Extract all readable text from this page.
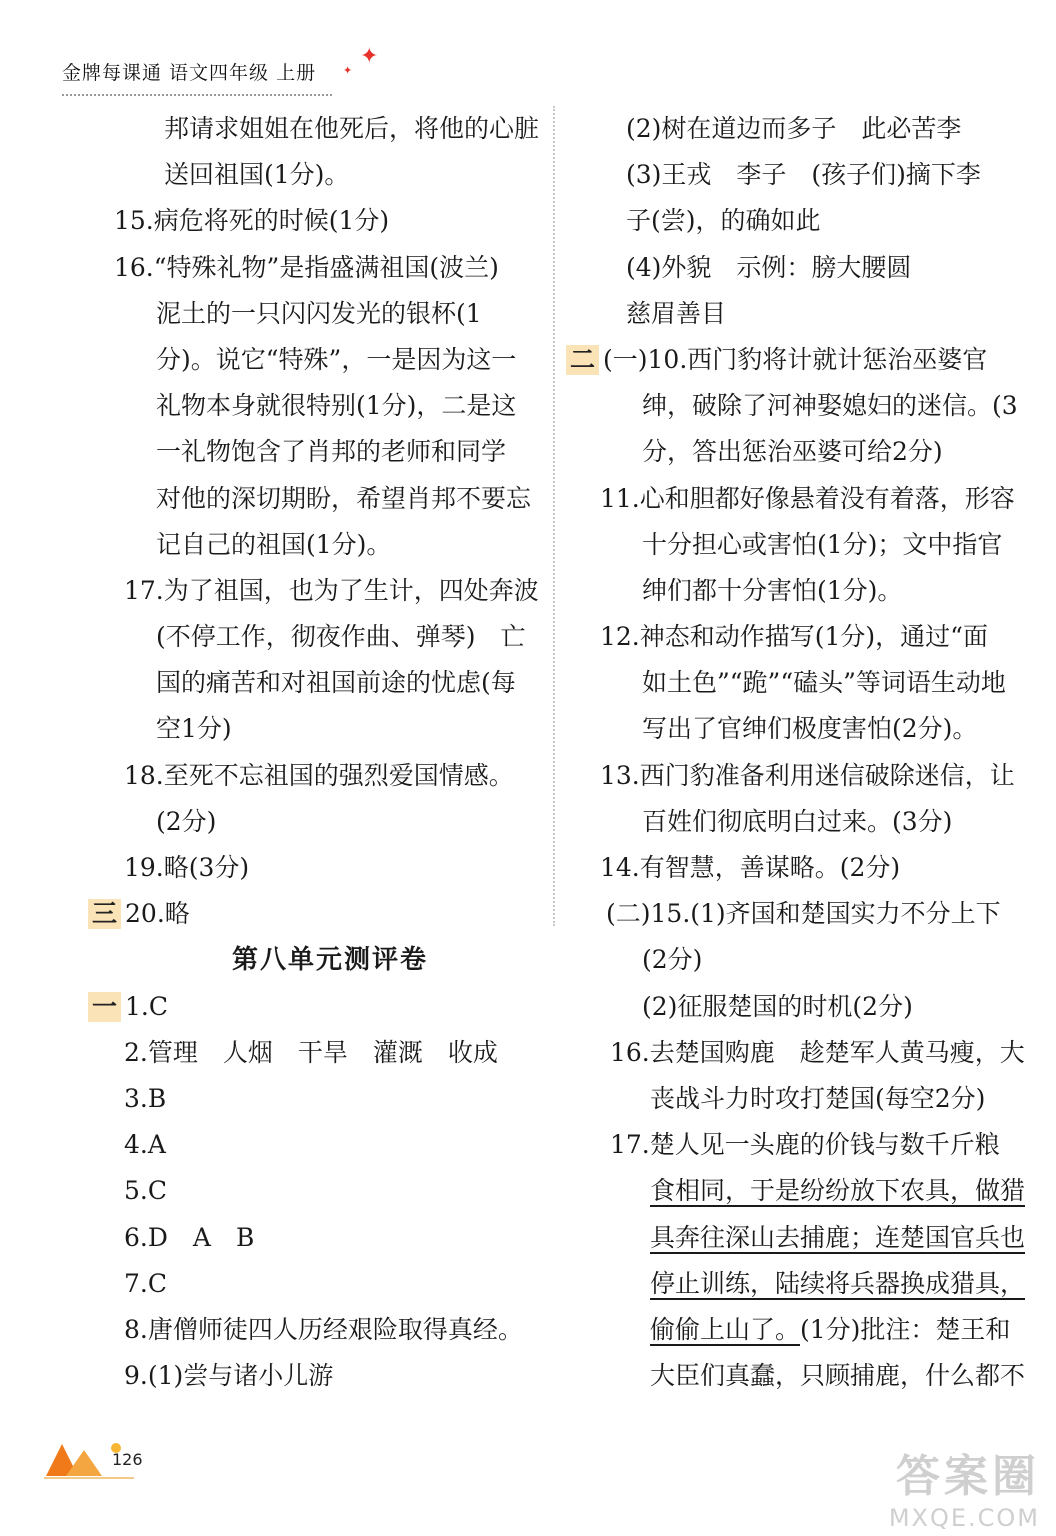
金牌每课通 语文四年级 上册
✦
✦
邦请求姐姐在他死后，将他的心脏
送回祖国(1分)。
15.病危将死的时候(1分)
16.“特殊礼物”是指盛满祖国(波兰)
泥土的一只闪闪发光的银杯(1
分)。说它“特殊”，一是因为这一
礼物本身就很特别(1分)，二是这
一礼物饱含了肖邦的老师和同学
对他的深切期盼，希望肖邦不要忘
记自己的祖国(1分)。
17.为了祖国，也为了生计，四处奔波
(不停工作，彻夜作曲、弹琴)　亡
国的痛苦和对祖国前途的忧虑(每
空1分)
18.至死不忘祖国的强烈爱国情感。
(2分)
19.略(3分)
三 20.略
第八单元测评卷
一 1.C
2.管理　人烟　干旱　灌溉　收成
3.B
4.A
5.C
6.D　A　B
7.C
8.唐僧师徒四人历经艰险取得真经。
9.(1)尝与诸小儿游
(2)树在道边而多子　此必苦李
(3)王戎　李子　(孩子们)摘下李
子(尝)，的确如此
(4)外貌　示例：膀大腰圆
慈眉善目
二 (一)10.西门豹将计就计惩治巫婆官
绅，破除了河神娶媳妇的迷信。(3
分，答出惩治巫婆可给2分)
11.心和胆都好像悬着没有着落，形容
十分担心或害怕(1分)；文中指官
绅们都十分害怕(1分)。
12.神态和动作描写(1分)，通过“面
如土色”“跪”“磕头”等词语生动地
写出了官绅们极度害怕(2分)。
13.西门豹准备利用迷信破除迷信，让
百姓们彻底明白过来。(3分)
14.有智慧，善谋略。(2分)
(二)15.(1)齐国和楚国实力不分上下
(2分)
(2)征服楚国的时机(2分)
16.去楚国购鹿　趁楚军人黄马瘦，大
丧战斗力时攻打楚国(每空2分)
17.楚人见一头鹿的价钱与数千斤粮
食相同，于是纷纷放下农具，做猎
具奔往深山去捕鹿；连楚国官兵也
停止训练，陆续将兵器换成猎具，
偷偷上山了。(1分)批注：楚王和
大臣们真蠢，只顾捕鹿，什么都不
126	答案圈
MXQE.COM
